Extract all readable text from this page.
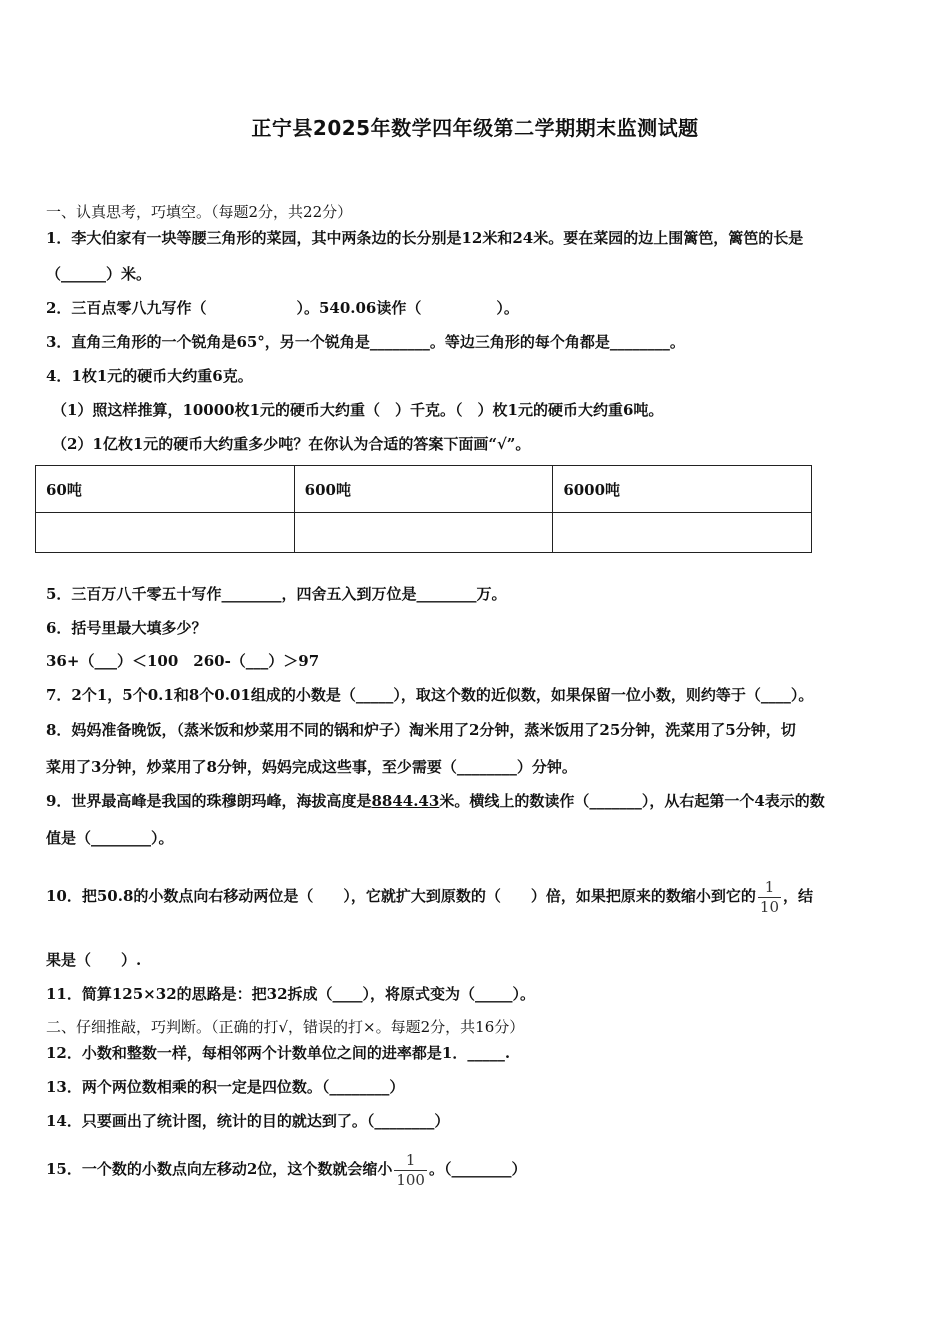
正宁县2025年数学四年级第二学期期末监测试题
一、认真思考，巧填空。（每题2分，共22分）
1．李大伯家有一块等腰三角形的菜园，其中两条边的长分别是12米和24米。要在菜园的边上围篱笆，篱笆的长是
（______）米。
2．三百点零八九写作（　　　　　　）。540.06读作（　　　　　）。
3．直角三角形的一个锐角是65°，另一个锐角是________。等边三角形的每个角都是________。
4．1枚1元的硬币大约重6克。
（1）照这样推算，10000枚1元的硬币大约重（　）千克。（　）枚1元的硬币大约重6吨。
（2）1亿枚1元的硬币大约重多少吨？在你认为合适的答案下面画“√”。
60吨	600吨	6000吨

5．三百万八千零五十写作________，四舍五入到万位是________万。
6．括号里最大填多少？
36+（___）＜100　260-（___）＞97
7．2个1，5个0.1和8个0.01组成的小数是（_____），取这个数的近似数，如果保留一位小数，则约等于（____）。
8．妈妈准备晚饭，（蒸米饭和炒菜用不同的锅和炉子）淘米用了2分钟，蒸米饭用了25分钟，洗菜用了5分钟，切
菜用了3分钟，炒菜用了8分钟，妈妈完成这些事，至少需要（________）分钟。
9．世界最高峰是我国的珠穆朗玛峰，海拔高度是8844.43米。横线上的数读作（_______），从右起第一个4表示的数
值是（________）。
10．把50.8的小数点向右移动两位是（　　），它就扩大到原数的（　　）倍，如果把原来的数缩小到它的 $\frac{1}{10}$ ，结
果是（　　）.
11．简算125×32的思路是：把32拆成（____），将原式变为（_____）。
二、仔细推敲，巧判断。（正确的打√，错误的打×。每题2分，共16分）
12．小数和整数一样，每相邻两个计数单位之间的进率都是1．_____.
13．两个两位数相乘的积一定是四位数。（________）
14．只要画出了统计图，统计的目的就达到了。（________）
15．一个数的小数点向左移动2位，这个数就会缩小 $\frac{1}{100}$ 。（________）
